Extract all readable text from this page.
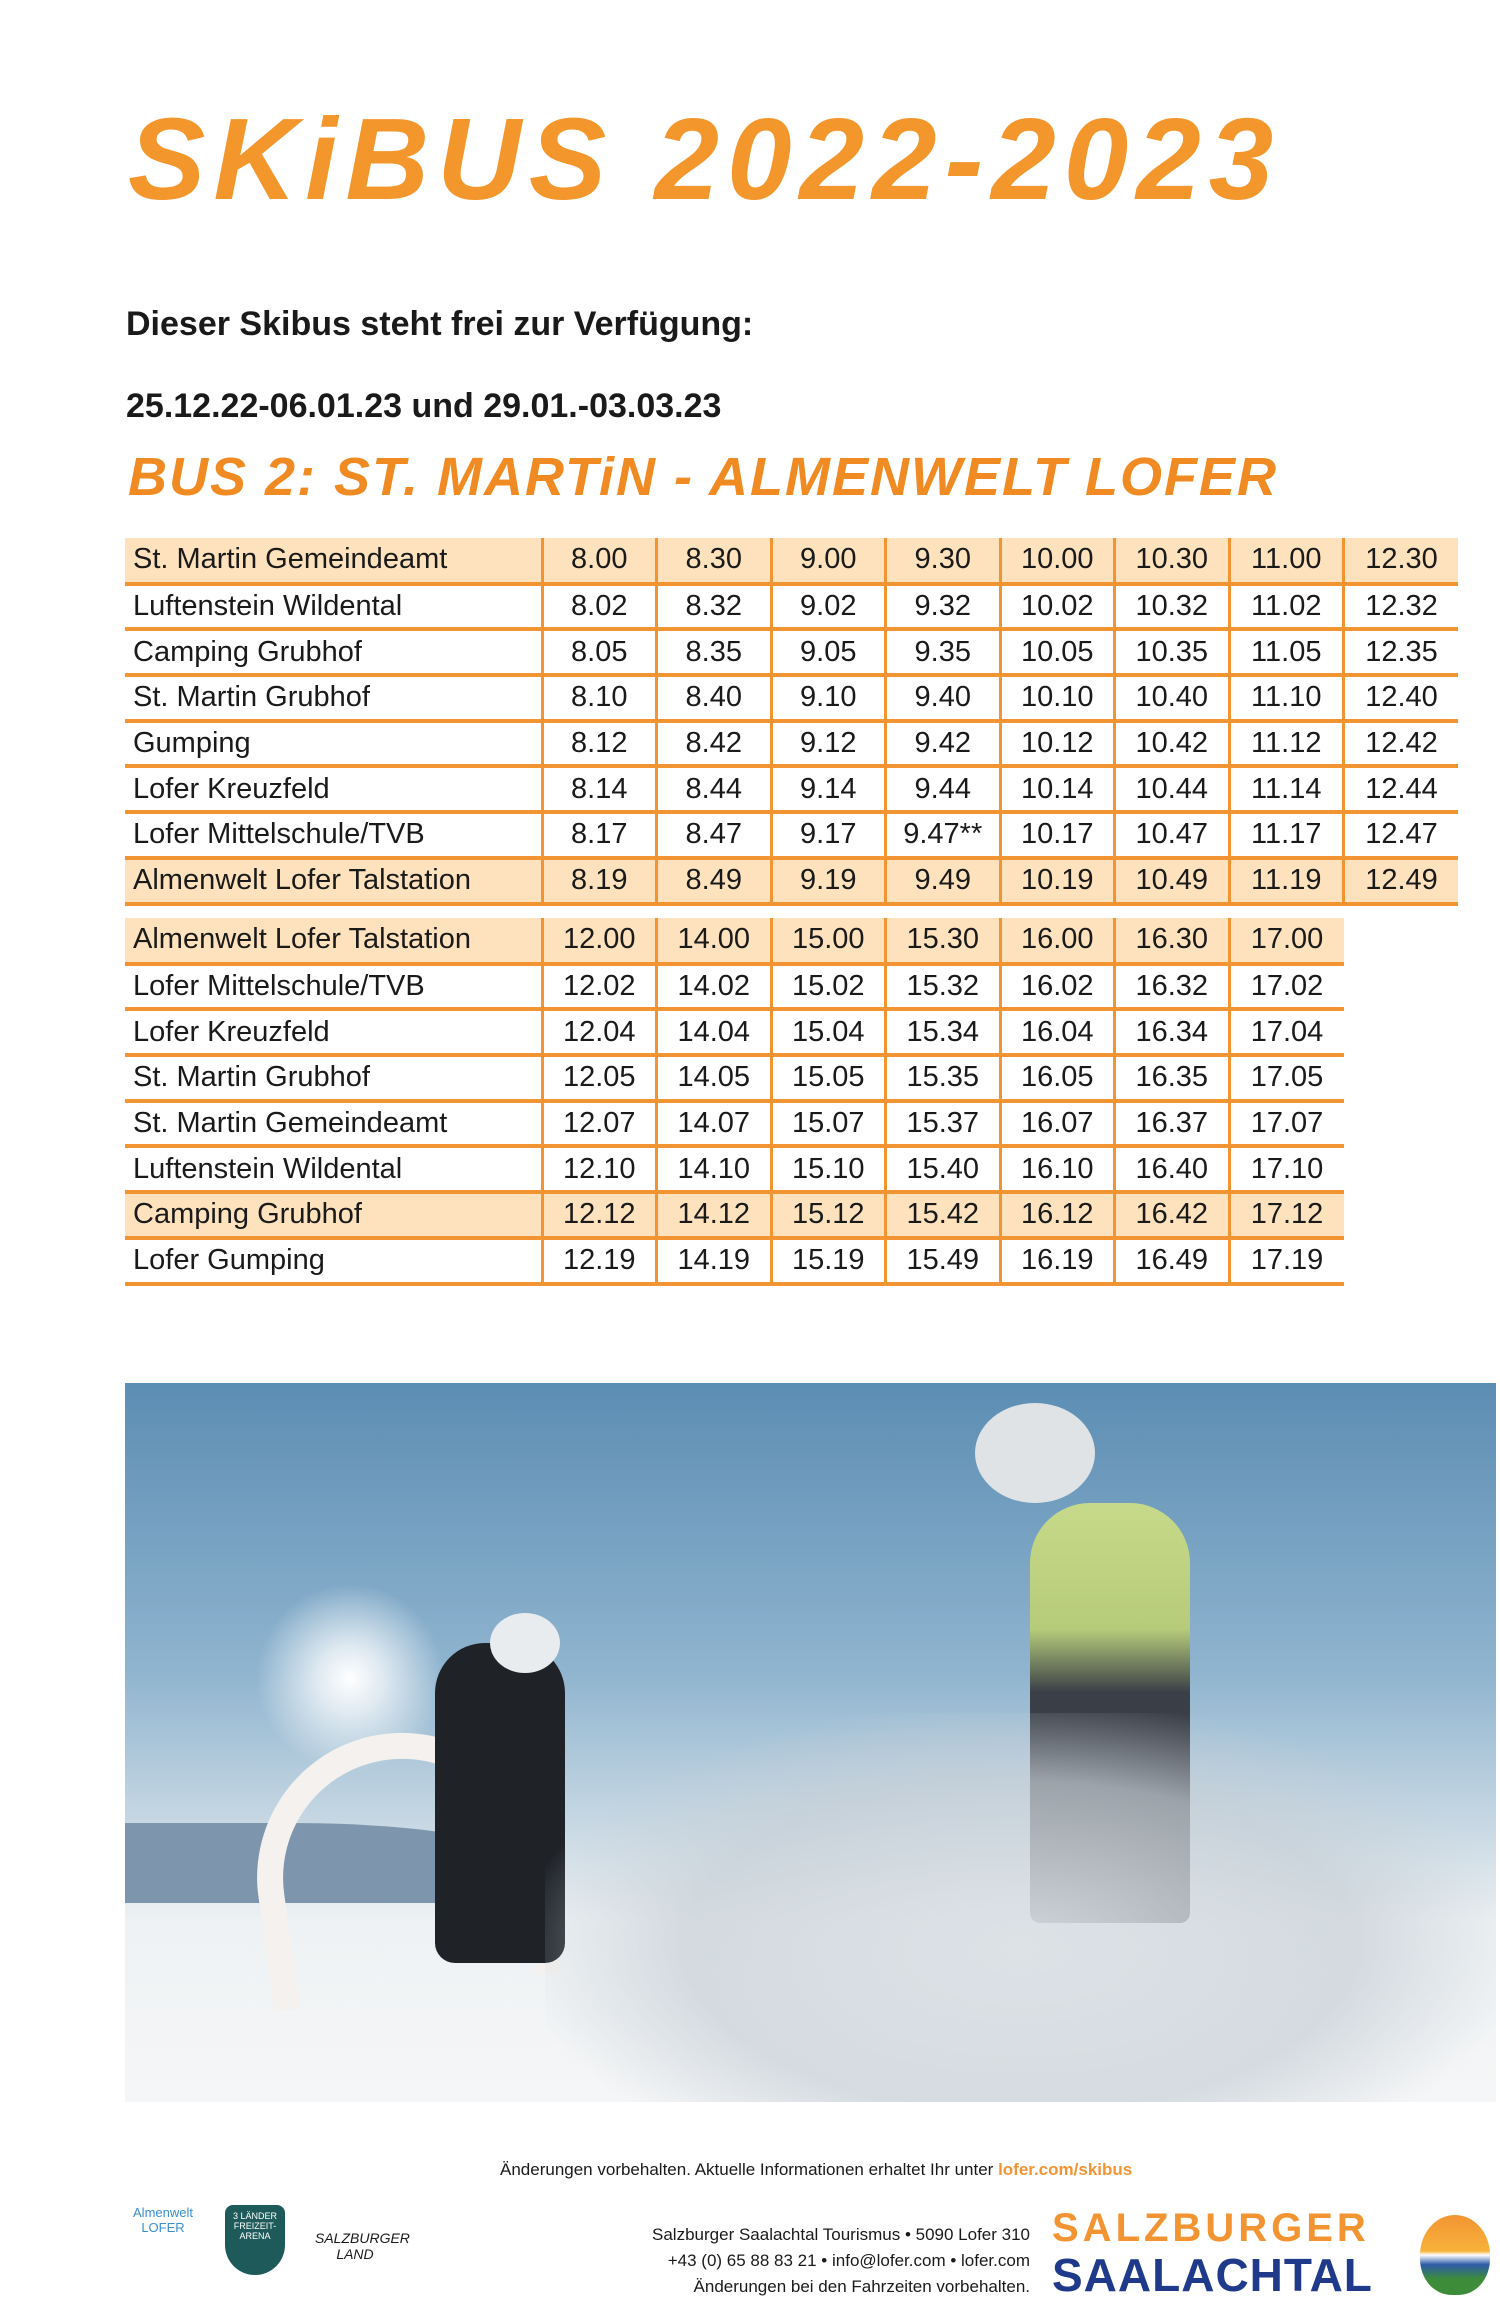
SKiBUS 2022-2023
Dieser Skibus steht frei zur Verfügung:
25.12.22-06.01.23 und 29.01.-03.03.23
BUS 2: ST. MARTiN - ALMENWELT LOFER
St. Martin Gemeindeamt	8.00	8.30	9.00	9.30	10.00	10.30	11.00	12.30
Luftenstein Wildental	8.02	8.32	9.02	9.32	10.02	10.32	11.02	12.32
Camping Grubhof	8.05	8.35	9.05	9.35	10.05	10.35	11.05	12.35
St. Martin Grubhof	8.10	8.40	9.10	9.40	10.10	10.40	11.10	12.40
Gumping	8.12	8.42	9.12	9.42	10.12	10.42	11.12	12.42
Lofer Kreuzfeld	8.14	8.44	9.14	9.44	10.14	10.44	11.14	12.44
Lofer Mittelschule/TVB	8.17	8.47	9.17	9.47**	10.17	10.47	11.17	12.47
Almenwelt Lofer Talstation	8.19	8.49	9.19	9.49	10.19	10.49	11.19	12.49
Almenwelt Lofer Talstation	12.00	14.00	15.00	15.30	16.00	16.30	17.00
Lofer Mittelschule/TVB	12.02	14.02	15.02	15.32	16.02	16.32	17.02
Lofer Kreuzfeld	12.04	14.04	15.04	15.34	16.04	16.34	17.04
St. Martin Grubhof	12.05	14.05	15.05	15.35	16.05	16.35	17.05
St. Martin Gemeindeamt	12.07	14.07	15.07	15.37	16.07	16.37	17.07
Luftenstein Wildental	12.10	14.10	15.10	15.40	16.10	16.40	17.10
Camping Grubhof	12.12	14.12	15.12	15.42	16.12	16.42	17.12
Lofer Gumping	12.19	14.19	15.19	15.49	16.19	16.49	17.19
Änderungen vorbehalten. Aktuelle Informationen erhaltet Ihr unter lofer.com/skibus
Almenwelt LOFER
3 LÄNDER FREIZEIT-ARENA	SALZBURGER LAND
Salzburger Saalachtal Tourismus • 5090 Lofer 310
+43 (0) 65 88 83 21 • info@lofer.com • lofer.com
Änderungen bei den Fahrzeiten vorbehalten.
SALZBURGER
SAALACHTAL
